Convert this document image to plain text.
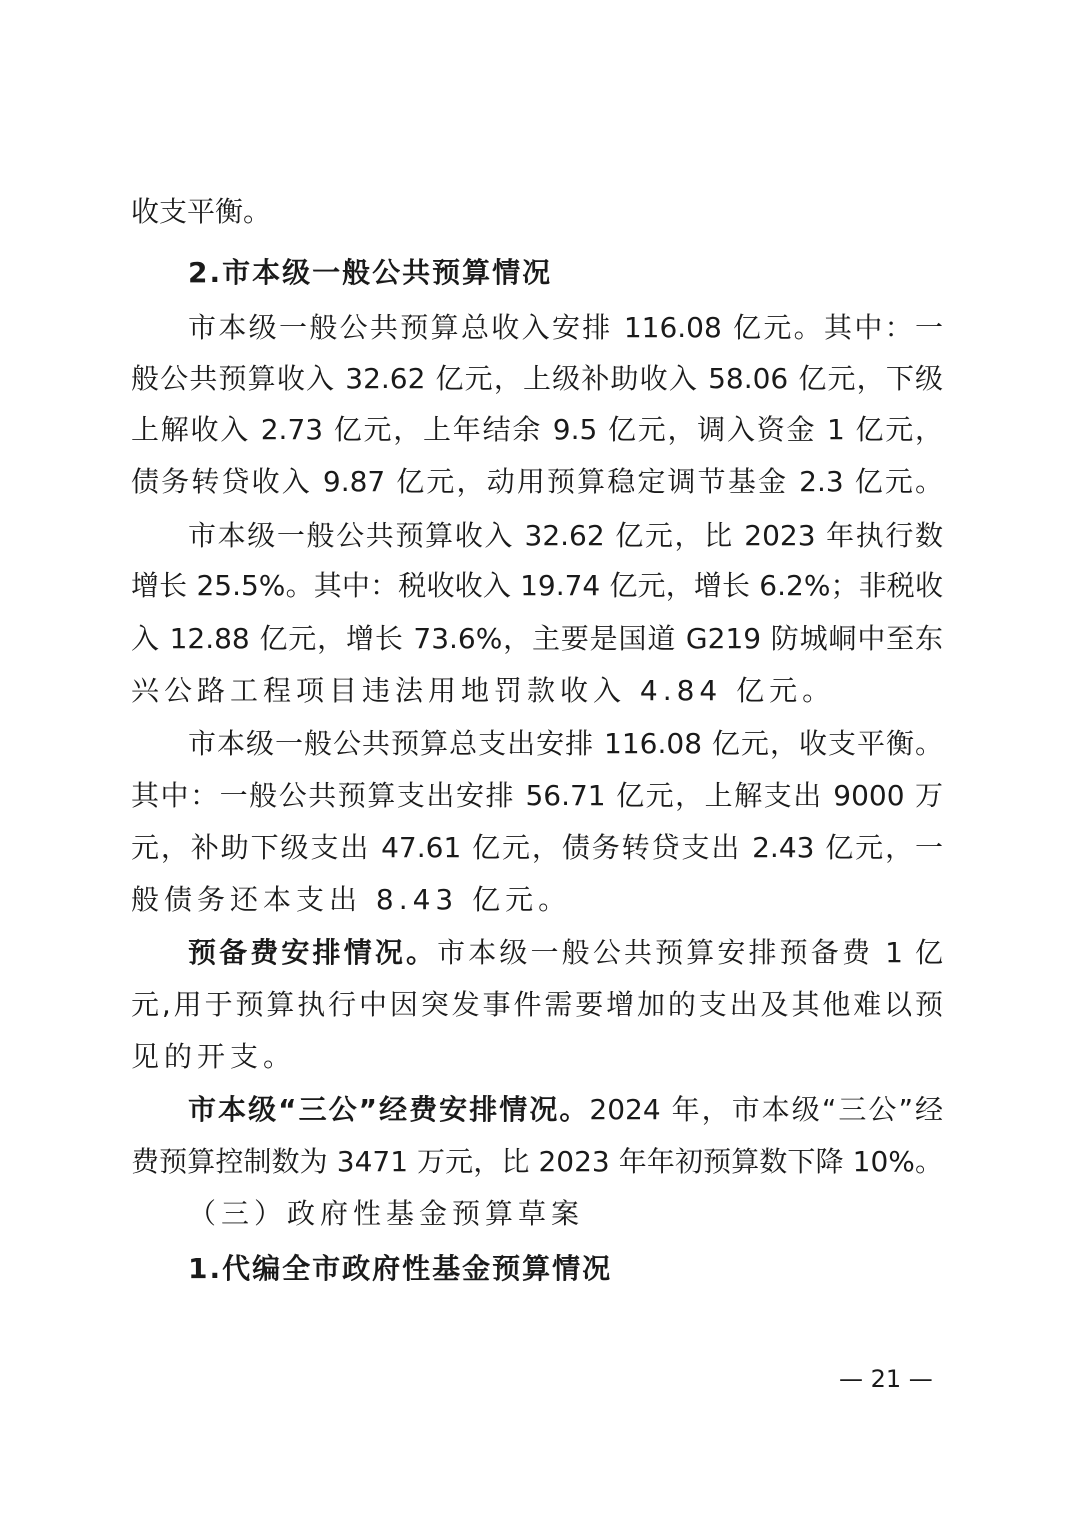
收支平衡。
2.市本级一般公共预算情况
市本级一般公共预算总收入安排 116.08 亿元。其中：一
般公共预算收入 32.62 亿元，上级补助收入 58.06 亿元，下级
上解收入 2.73 亿元，上年结余 9.5 亿元，调入资金 1 亿元，
债务转贷收入 9.87 亿元，动用预算稳定调节基金 2.3 亿元。
市本级一般公共预算收入 32.62 亿元，比 2023 年执行数
增长 25.5%。其中：税收收入 19.74 亿元，增长 6.2%；非税收
入 12.88 亿元，增长 73.6%，主要是国道 G219 防城峒中至东
兴公路工程项目违法用地罚款收入 4.84 亿元。
市本级一般公共预算总支出安排 116.08 亿元，收支平衡。
其中：一般公共预算支出安排 56.71 亿元，上解支出 9000 万
元，补助下级支出 47.61 亿元，债务转贷支出 2.43 亿元，一
般债务还本支出 8.43 亿元。
预备费安排情况。市本级一般公共预算安排预备费 1 亿
元,用于预算执行中因突发事件需要增加的支出及其他难以预
见的开支。
市本级“三公”经费安排情况。2024 年，市本级“三公”经
费预算控制数为 3471 万元，比 2023 年年初预算数下降 10%。
（三）政府性基金预算草案
1.代编全市政府性基金预算情况
— 21 —
